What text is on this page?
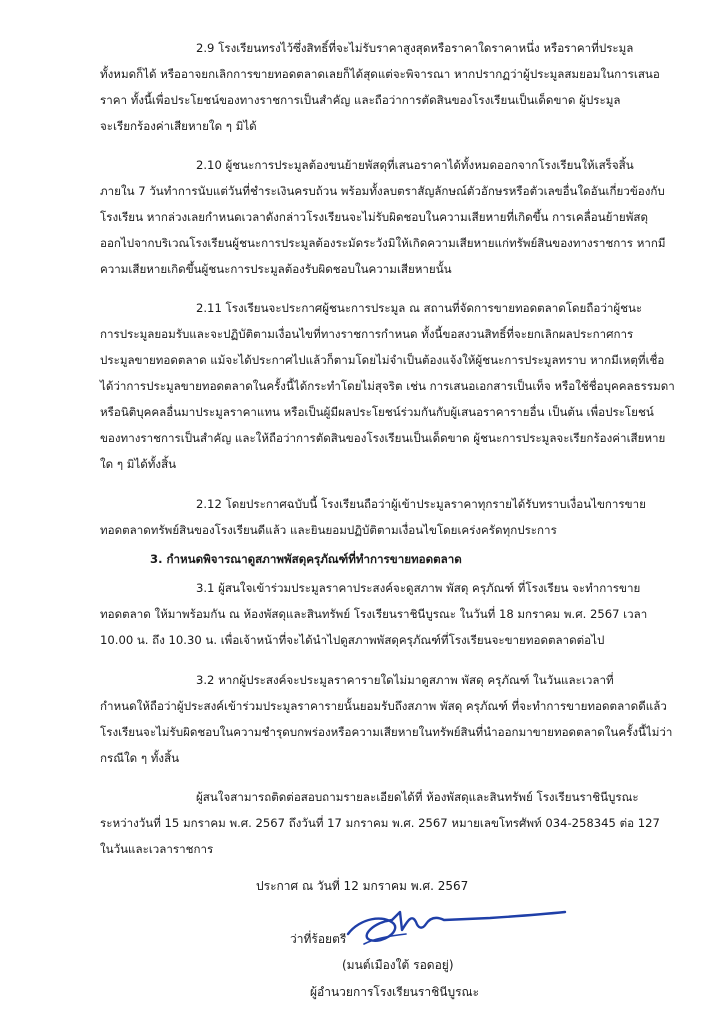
2.9 โรงเรียนทรงไว้ซึ่งสิทธิ์ที่จะไม่รับราคาสูงสุดหรือราคาใดราคาหนึ่ง หรือราคาที่ประมูล
ทั้งหมดก็ได้ หรืออาจยกเลิกการขายทอดตลาดเลยก็ได้สุดแต่จะพิจารณา หากปรากฏว่าผู้ประมูลสมยอมในการเสนอ
ราคา ทั้งนี้เพื่อประโยชน์ของทางราชการเป็นสำคัญ และถือว่าการตัดสินของโรงเรียนเป็นเด็ดขาด ผู้ประมูล
จะเรียกร้องค่าเสียหายใด ๆ มิได้
2.10 ผู้ชนะการประมูลต้องขนย้ายพัสดุที่เสนอราคาได้ทั้งหมดออกจากโรงเรียนให้เสร็จสิ้น
ภายใน 7 วันทำการนับแต่วันที่ชำระเงินครบถ้วน พร้อมทั้งลบตราสัญลักษณ์ตัวอักษรหรือตัวเลขอื่นใดอันเกี่ยวข้องกับ
โรงเรียน หากล่วงเลยกำหนดเวลาดังกล่าวโรงเรียนจะไม่รับผิดชอบในความเสียหายที่เกิดขึ้น การเคลื่อนย้ายพัสดุ
ออกไปจากบริเวณโรงเรียนผู้ชนะการประมูลต้องระมัดระวังมิให้เกิดความเสียหายแก่ทรัพย์สินของทางราชการ หากมี
ความเสียหายเกิดขึ้นผู้ชนะการประมูลต้องรับผิดชอบในความเสียหายนั้น
2.11 โรงเรียนจะประกาศผู้ชนะการประมูล ณ สถานที่จัดการขายทอดตลาดโดยถือว่าผู้ชนะ
การประมูลยอมรับและจะปฏิบัติตามเงื่อนไขที่ทางราชการกำหนด ทั้งนี้ขอสงวนสิทธิ์ที่จะยกเลิกผลประกาศการ
ประมูลขายทอดตลาด แม้จะได้ประกาศไปแล้วก็ตามโดยไม่จำเป็นต้องแจ้งให้ผู้ชนะการประมูลทราบ หากมีเหตุที่เชื่อ
ได้ว่าการประมูลขายทอดตลาดในครั้งนี้ได้กระทำโดยไม่สุจริต เช่น การเสนอเอกสารเป็นเท็จ หรือใช้ชื่อบุคคลธรรมดา
หรือนิติบุคคลอื่นมาประมูลราคาแทน หรือเป็นผู้มีผลประโยชน์ร่วมกันกับผู้เสนอราคารายอื่น เป็นต้น เพื่อประโยชน์
ของทางราชการเป็นสำคัญ และให้ถือว่าการตัดสินของโรงเรียนเป็นเด็ดขาด ผู้ชนะการประมูลจะเรียกร้องค่าเสียหาย
ใด ๆ มิได้ทั้งสิ้น
2.12 โดยประกาศฉบับนี้ โรงเรียนถือว่าผู้เข้าประมูลราคาทุกรายได้รับทราบเงื่อนไขการขาย
ทอดตลาดทรัพย์สินของโรงเรียนดีแล้ว และยินยอมปฏิบัติตามเงื่อนไขโดยเคร่งครัดทุกประการ
3. กำหนดพิจารณาดูสภาพพัสดุครุภัณฑ์ที่ทำการขายทอดตลาด
3.1 ผู้สนใจเข้าร่วมประมูลราคาประสงค์จะดูสภาพ พัสดุ ครุภัณฑ์ ที่โรงเรียน จะทำการขาย
ทอดตลาด ให้มาพร้อมกัน ณ ห้องพัสดุและสินทรัพย์ โรงเรียนราชินีบูรณะ ในวันที่ 18 มกราคม พ.ศ. 2567 เวลา
10.00 น. ถึง 10.30 น. เพื่อเจ้าหน้าที่จะได้นำไปดูสภาพพัสดุครุภัณฑ์ที่โรงเรียนจะขายทอดตลาดต่อไป
3.2 หากผู้ประสงค์จะประมูลราคารายใดไม่มาดูสภาพ พัสดุ ครุภัณฑ์ ในวันและเวลาที่
กำหนดให้ถือว่าผู้ประสงค์เข้าร่วมประมูลราคารายนั้นยอมรับถึงสภาพ พัสดุ ครุภัณฑ์ ที่จะทำการขายทอดตลาดดีแล้ว
โรงเรียนจะไม่รับผิดชอบในความชำรุดบกพร่องหรือความเสียหายในทรัพย์สินที่นำออกมาขายทอดตลาดในครั้งนี้ไม่ว่า
กรณีใด ๆ ทั้งสิ้น
ผู้สนใจสามารถติดต่อสอบถามรายละเอียดได้ที่ ห้องพัสดุและสินทรัพย์ โรงเรียนราชินีบูรณะ
ระหว่างวันที่ 15 มกราคม พ.ศ. 2567 ถึงวันที่ 17 มกราคม พ.ศ. 2567 หมายเลขโทรศัพท์ 034-258345 ต่อ 127
ในวันและเวลาราชการ
ประกาศ ณ วันที่ 12 มกราคม พ.ศ. 2567
ว่าที่ร้อยตรี
(มนต์เมืองใต้ รอดอยู่)
ผู้อำนวยการโรงเรียนราชินีบูรณะ
